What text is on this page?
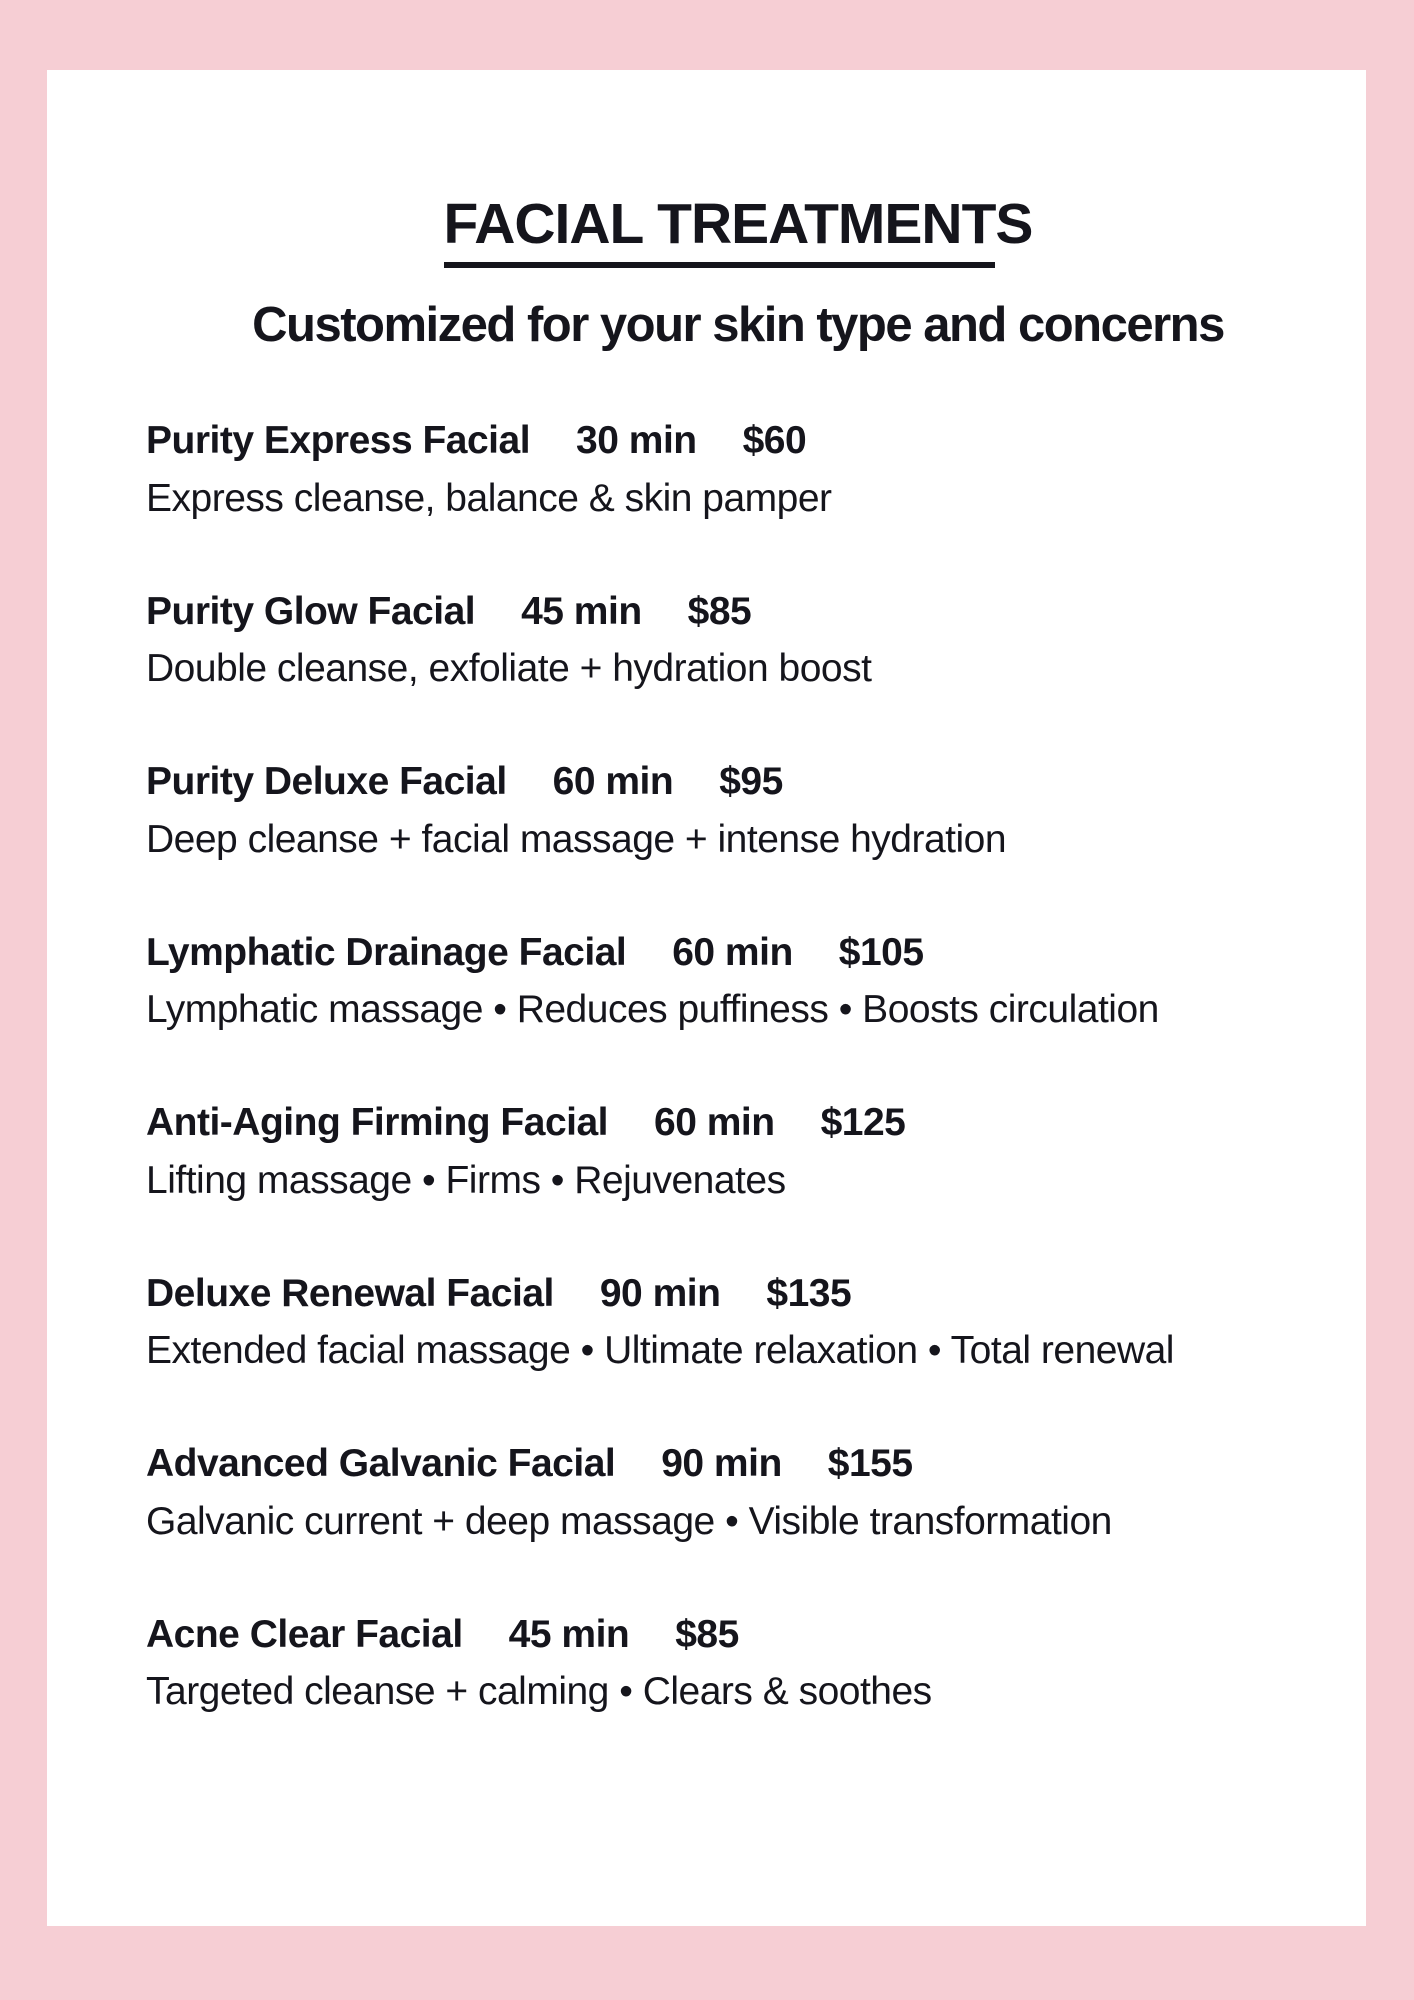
FACIAL TREATMENTS
Customized for your skin type and concerns
Purity Express Facial 30 min $60

Express cleanse, balance & skin pamper

Purity Glow Facial 45 min $85

Double cleanse, exfoliate + hydration boost

Purity Deluxe Facial 60 min $95

Deep cleanse + facial massage + intense hydration

Lymphatic Drainage Facial 60 min $105

Lymphatic massage • Reduces puffiness • Boosts circulation

Anti-Aging Firming Facial 60 min $125

Lifting massage • Firms • Rejuvenates

Deluxe Renewal Facial 90 min $135

Extended facial massage • Ultimate relaxation • Total renewal

Advanced Galvanic Facial 90 min $155

Galvanic current + deep massage • Visible transformation

Acne Clear Facial 45 min $85

Targeted cleanse + calming • Clears & soothes
